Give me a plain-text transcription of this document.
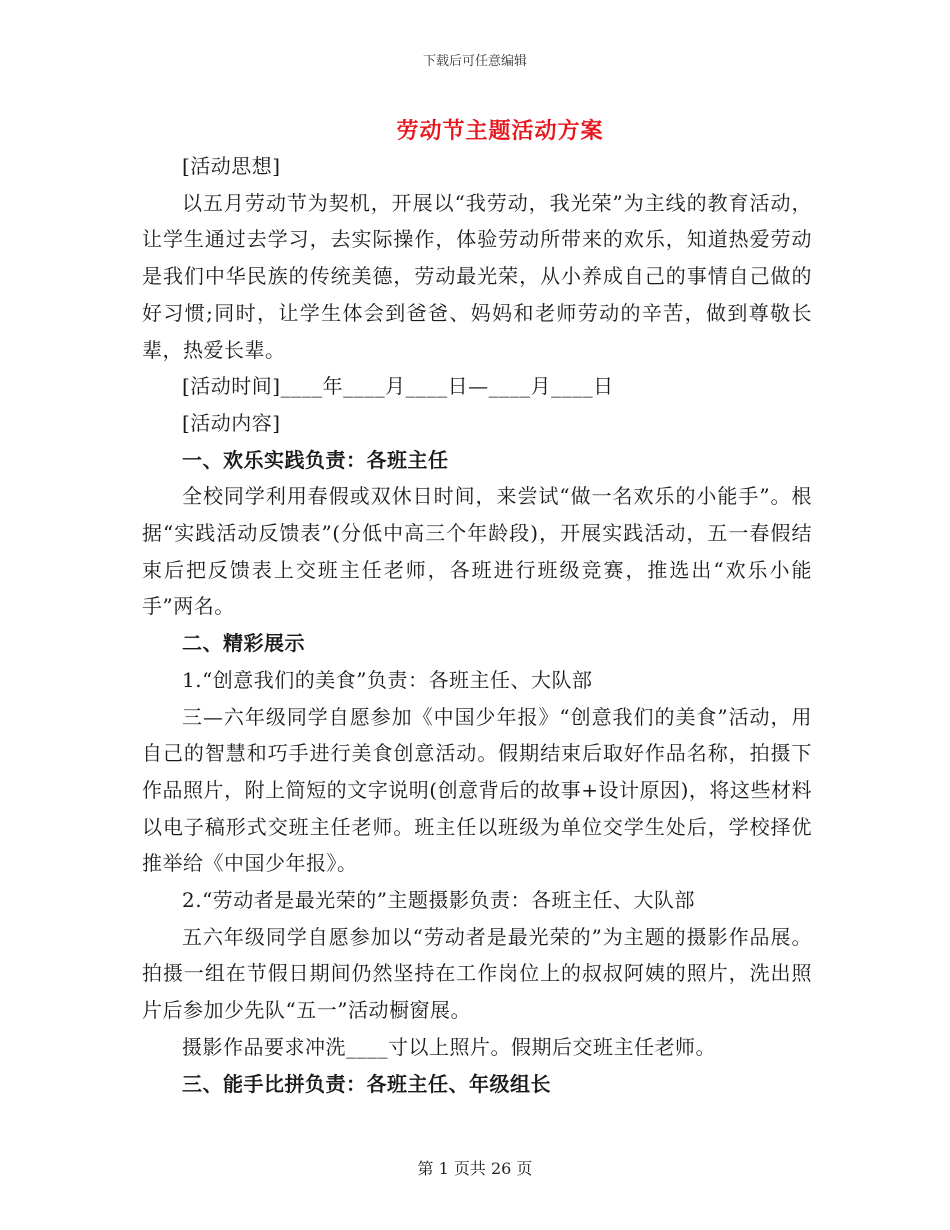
下载后可任意编辑
劳动节主题活动方案

[活动思想]

以五月劳动节为契机，开展以“我劳动，我光荣”为主线的教育活动，让学生通过去学习，去实际操作，体验劳动所带来的欢乐，知道热爱劳动是我们中华民族的传统美德，劳动最光荣，从小养成自己的事情自己做的好习惯;同时，让学生体会到爸爸、妈妈和老师劳动的辛苦，做到尊敬长辈，热爱长辈。

[活动时间]____年____月____日—____月____日

[活动内容]

一、欢乐实践负责：各班主任

全校同学利用春假或双休日时间，来尝试“做一名欢乐的小能手”。根据“实践活动反馈表”(分低中高三个年龄段)，开展实践活动，五一春假结束后把反馈表上交班主任老师，各班进行班级竞赛，推选出“欢乐小能手”两名。

二、精彩展示

1.“创意我们的美食”负责：各班主任、大队部

三—六年级同学自愿参加《中国少年报》“创意我们的美食”活动，用自己的智慧和巧手进行美食创意活动。假期结束后取好作品名称，拍摄下作品照片，附上简短的文字说明(创意背后的故事+设计原因)，将这些材料以电子稿形式交班主任老师。班主任以班级为单位交学生处后，学校择优推举给《中国少年报》。

2.“劳动者是最光荣的”主题摄影负责：各班主任、大队部

五六年级同学自愿参加以“劳动者是最光荣的”为主题的摄影作品展。拍摄一组在节假日期间仍然坚持在工作岗位上的叔叔阿姨的照片，洗出照片后参加少先队“五一”活动橱窗展。

摄影作品要求冲洗____寸以上照片。假期后交班主任老师。

三、能手比拼负责：各班主任、年级组长

第 1 页共 26 页
